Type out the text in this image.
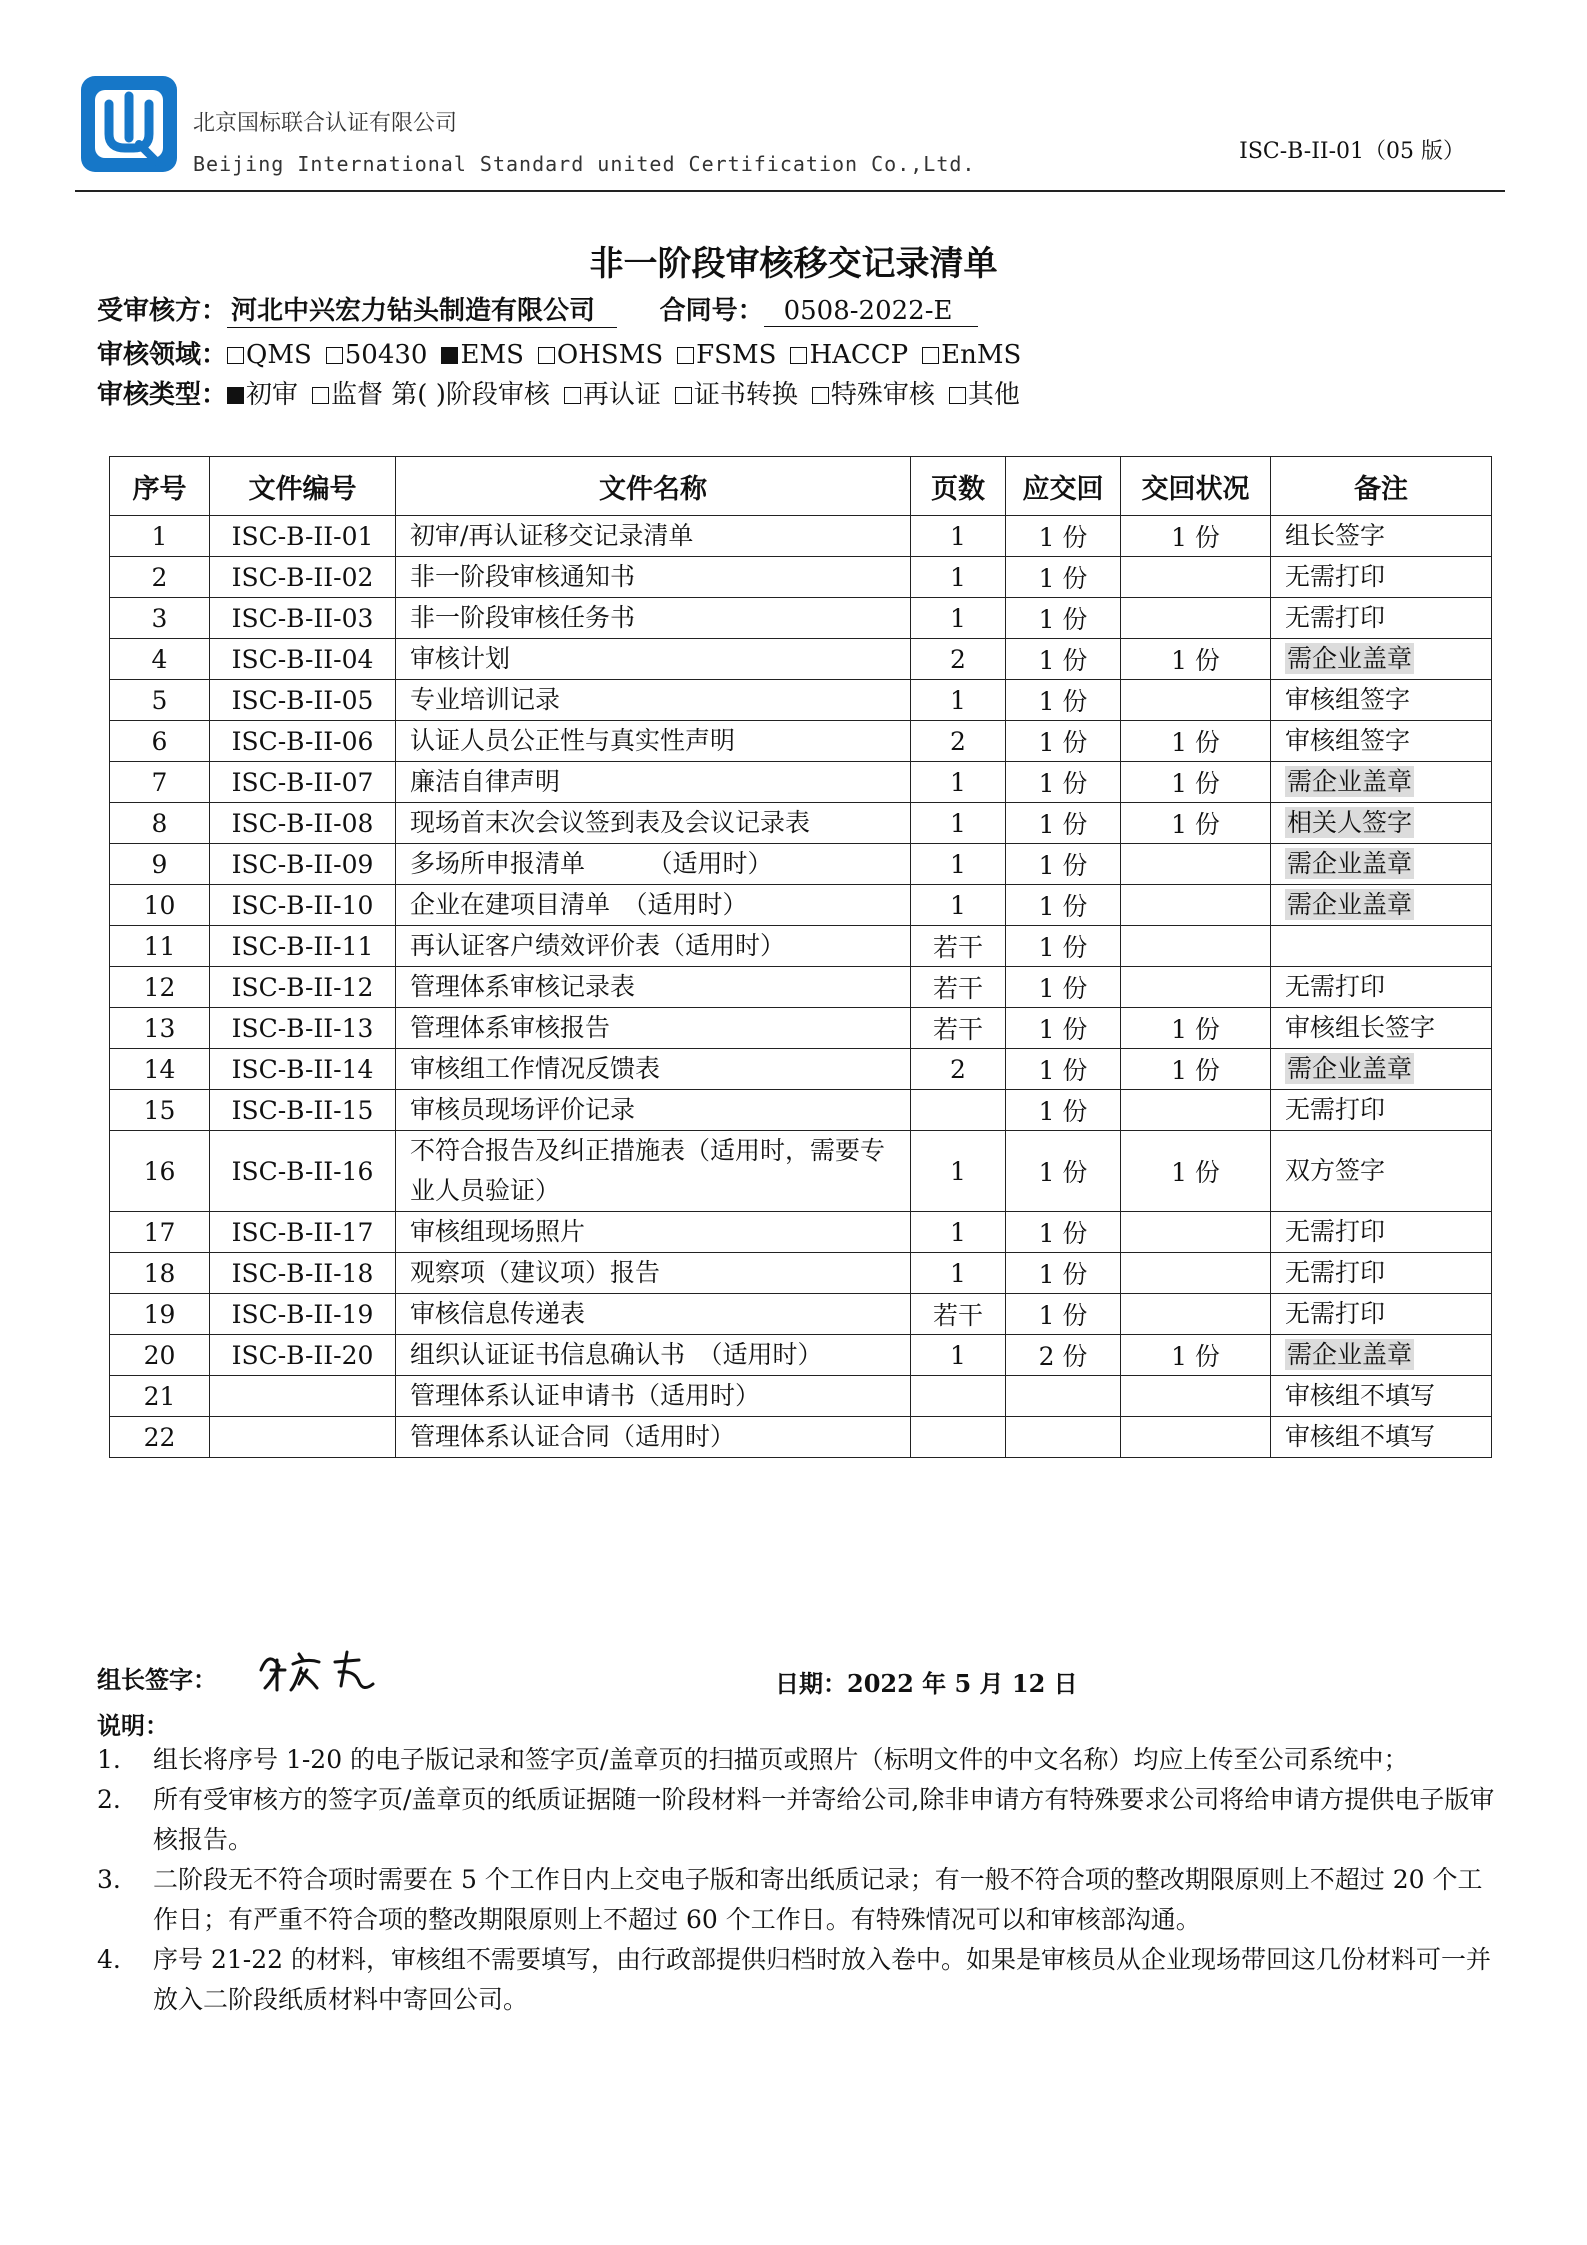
北京国标联合认证有限公司
Beijing International Standard united Certification Co.,Ltd.	ISC-B-II-01（05 版）
非一阶段审核移交记录清单
受审核方： 河北中兴宏力钻头制造有限公司 合同号： 0508-2022-E
审核领域： QMS 50430 EMS OHSMS FSMS HACCP EnMS
审核类型： 初审 监督 第( )阶段审核 再认证 证书转换 特殊审核 其他
序号	文件编号	文件名称	页数	应交回	交回状况	备注
1	ISC-B-II-01	初审/再认证移交记录清单	1	1 份	1 份	组长签字
2	ISC-B-II-02	非一阶段审核通知书	1	1 份		无需打印
3	ISC-B-II-03	非一阶段审核任务书	1	1 份		无需打印
4	ISC-B-II-04	审核计划	2	1 份	1 份	需企业盖章
5	ISC-B-II-05	专业培训记录	1	1 份		审核组签字
6	ISC-B-II-06	认证人员公正性与真实性声明	2	1 份	1 份	审核组签字
7	ISC-B-II-07	廉洁自律声明	1	1 份	1 份	需企业盖章
8	ISC-B-II-08	现场首末次会议签到表及会议记录表	1	1 份	1 份	相关人签字
9	ISC-B-II-09	多场所申报清单　　　（适用时）	1	1 份		需企业盖章
10	ISC-B-II-10	企业在建项目清单　（适用时）	1	1 份		需企业盖章
11	ISC-B-II-11	再认证客户绩效评价表（适用时）	若干	1 份		
12	ISC-B-II-12	管理体系审核记录表	若干	1 份		无需打印
13	ISC-B-II-13	管理体系审核报告	若干	1 份	1 份	审核组长签字
14	ISC-B-II-14	审核组工作情况反馈表	2	1 份	1 份	需企业盖章
15	ISC-B-II-15	审核员现场评价记录		1 份		无需打印
16	ISC-B-II-16	不符合报告及纠正措施表（适用时，需要专业人员验证）	1	1 份	1 份	双方签字
17	ISC-B-II-17	审核组现场照片	1	1 份		无需打印
18	ISC-B-II-18	观察项（建议项）报告	1	1 份		无需打印
19	ISC-B-II-19	审核信息传递表	若干	1 份		无需打印
20	ISC-B-II-20	组织认证证书信息确认书　（适用时）	1	2 份	1 份	需企业盖章
21		管理体系认证申请书（适用时）				审核组不填写
22		管理体系认证合同（适用时）				审核组不填写
组长签字：	日期：2022 年 5 月 12 日
说明：
1.	组长将序号 1-20 的电子版记录和签字页/盖章页的扫描页或照片（标明文件的中文名称）均应上传至公司系统中；
2.	所有受审核方的签字页/盖章页的纸质证据随一阶段材料一并寄给公司,除非申请方有特殊要求公司将给申请方提供电子版审核报告。
3.	二阶段无不符合项时需要在 5 个工作日内上交电子版和寄出纸质记录；有一般不符合项的整改期限原则上不超过 20 个工作日；有严重不符合项的整改期限原则上不超过 60 个工作日。有特殊情况可以和审核部沟通。
4.	序号 21-22 的材料，审核组不需要填写，由行政部提供归档时放入卷中。如果是审核员从企业现场带回这几份材料可一并放入二阶段纸质材料中寄回公司。
